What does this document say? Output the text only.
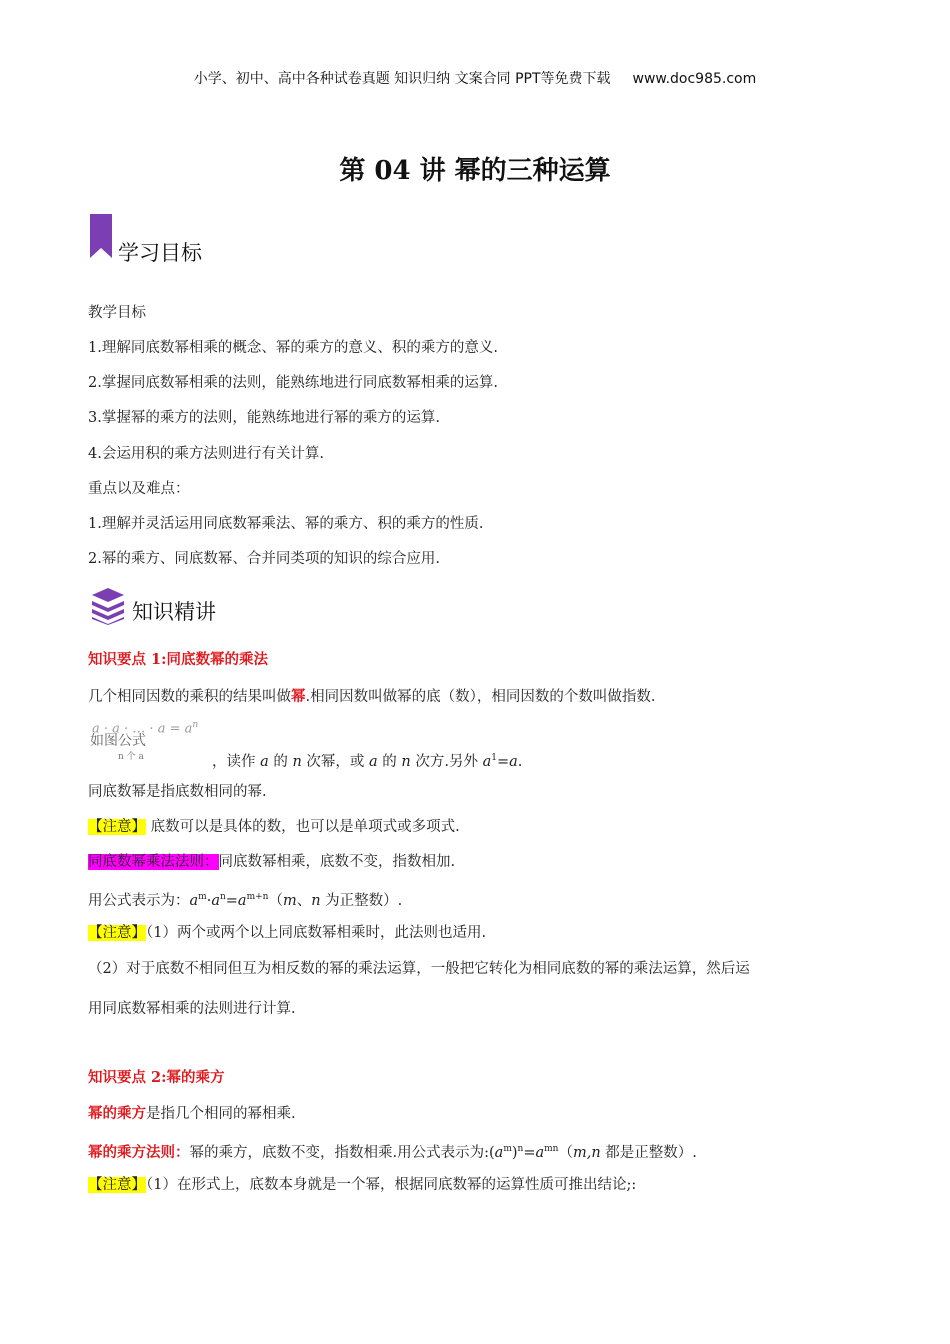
小学、初中、高中各种试卷真题 知识归纳 文案合同 PPT等免费下载 www.doc985.com
第 04 讲 幂的三种运算
学习目标
教学目标
1.理解同底数幂相乘的概念、幂的乘方的意义、积的乘方的意义.
2.掌握同底数幂相乘的法则，能熟练地进行同底数幂相乘的运算.
3.掌握幂的乘方的法则，能熟练地进行幂的乘方的运算.
4.会运用积的乘方法则进行有关计算.
重点以及难点：
1.理解并灵活运用同底数幂乘法、幂的乘方、积的乘方的性质.
2.幂的乘方、同底数幂、合并同类项的知识的综合应用.
知识精讲
知识要点 1:同底数幂的乘法
几个相同因数的乘积的结果叫做幂.相同因数叫做幂的底（数），相同因数的个数叫做指数.
a · a · … · $a = a^n$
如图公式
n 个 a	，读作 a 的 n 次幂，或 a 的 n 次方.另外 $a^1=a$.
同底数幂是指底数相同的幂.
【注意】 底数可以是具体的数，也可以是单项式或多项式.
同底数幂乘法法则：同底数幂相乘，底数不变，指数相加.
用公式表示为：$a^m\cdot a^n=a^{m+n}(m$、n 为正整数）.
【注意】（1）两个或两个以上同底数幂相乘时，此法则也适用.
（2）对于底数不相同但互为相反数的幂的乘法运算，一般把它转化为相同底数的幂的乘法运算，然后运
用同底数幂相乘的法则进行计算.
知识要点 2:幂的乘方
幂的乘方是指几个相同的幂相乘.
幂的乘方法则：幂的乘方，底数不变，指数相乘.用公式表示为$:(a^m)^n=a^{mn}(m,n$ 都是正整数）.
【注意】（1）在形式上，底数本身就是一个幂，根据同底数幂的运算性质可推出结论;:
